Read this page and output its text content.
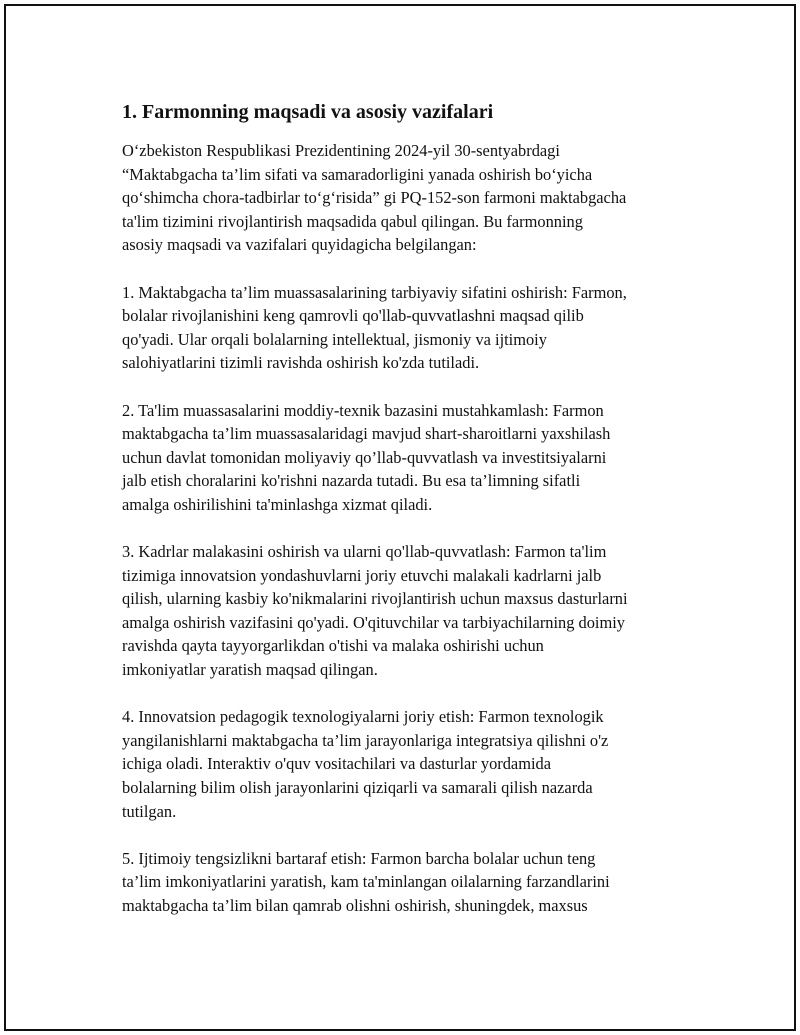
1. Farmonning maqsadi va asosiy vazifalari

O‘zbekiston Respublikasi Prezidentining 2024-yil 30-sentyabrdagi
“Maktabgacha ta’lim sifati va samaradorligini yanada oshirish bo‘yicha
qo‘shimcha chora-tadbirlar to‘g‘risida” gi PQ-152-son farmoni maktabgacha
ta'lim tizimini rivojlantirish maqsadida qabul qilingan. Bu farmonning
asosiy maqsadi va vazifalari quyidagicha belgilangan:

1. Maktabgacha ta’lim muassasalarining tarbiyaviy sifatini oshirish: Farmon,
bolalar rivojlanishini keng qamrovli qo'llab-quvvatlashni maqsad qilib
qo'yadi. Ular orqali bolalarning intellektual, jismoniy va ijtimoiy
salohiyatlarini tizimli ravishda oshirish ko'zda tutiladi.

2. Ta'lim muassasalarini moddiy-texnik bazasini mustahkamlash: Farmon
maktabgacha ta’lim muassasalaridagi mavjud shart-sharoitlarni yaxshilash
uchun davlat tomonidan moliyaviy qo’llab-quvvatlash va investitsiyalarni
jalb etish choralarini ko'rishni nazarda tutadi. Bu esa ta’limning sifatli
amalga oshirilishini ta'minlashga xizmat qiladi.

3. Kadrlar malakasini oshirish va ularni qo'llab-quvvatlash: Farmon ta'lim
tizimiga innovatsion yondashuvlarni joriy etuvchi malakali kadrlarni jalb
qilish, ularning kasbiy ko'nikmalarini rivojlantirish uchun maxsus dasturlarni
amalga oshirish vazifasini qo'yadi. O'qituvchilar va tarbiyachilarning doimiy
ravishda qayta tayyorgarlikdan o'tishi va malaka oshirishi uchun
imkoniyatlar yaratish maqsad qilingan.

4. Innovatsion pedagogik texnologiyalarni joriy etish: Farmon texnologik
yangilanishlarni maktabgacha ta’lim jarayonlariga integratsiya qilishni o'z
ichiga oladi. Interaktiv o'quv vositachilari va dasturlar yordamida
bolalarning bilim olish jarayonlarini qiziqarli va samarali qilish nazarda
tutilgan.

5. Ijtimoiy tengsizlikni bartaraf etish: Farmon barcha bolalar uchun teng
ta’lim imkoniyatlarini yaratish, kam ta'minlangan oilalarning farzandlarini
maktabgacha ta’lim bilan qamrab olishni oshirish, shuningdek, maxsus
